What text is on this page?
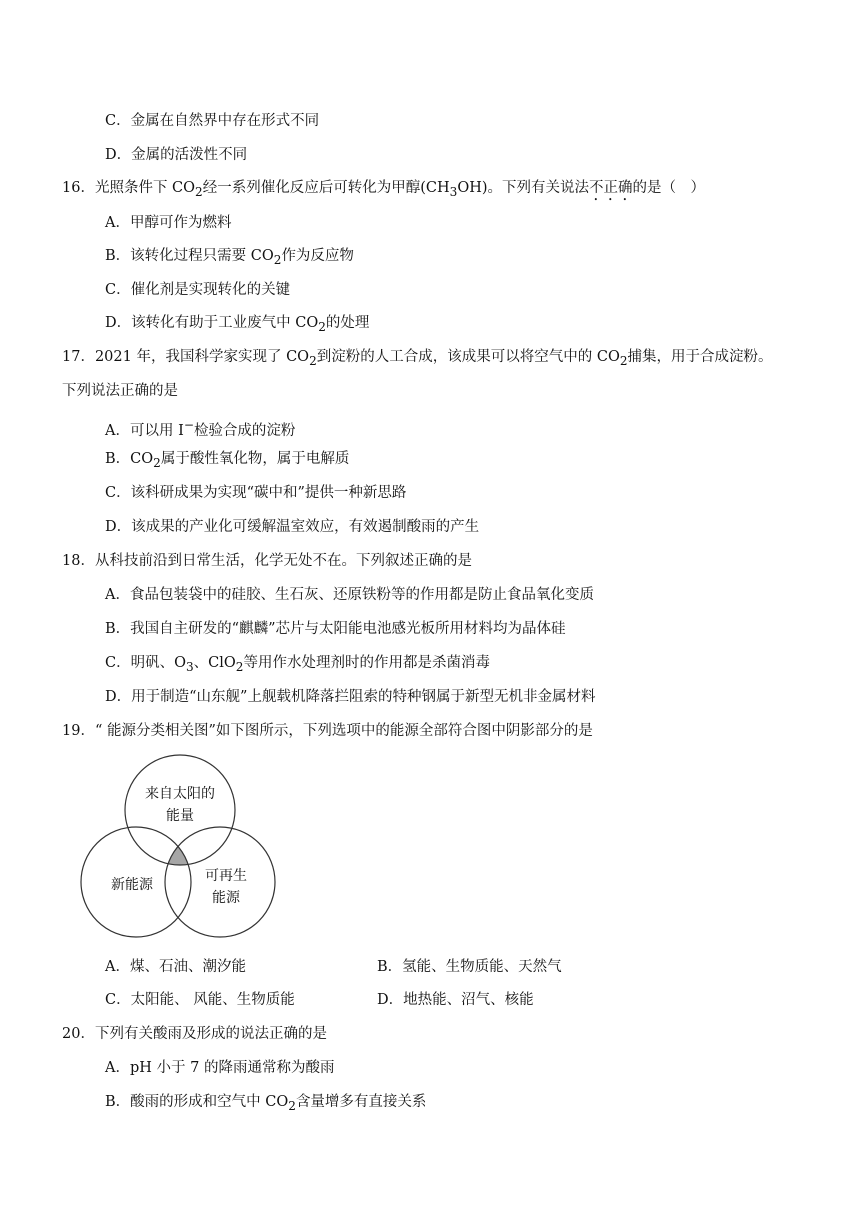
C．金属在自然界中存在形式不同
D．金属的活泼性不同
16．光照条件下 $CO_2$经一系列催化反应后可转化为甲醇$(CH_3OH)$。下列有关说法不正确的是（　）
A．甲醇可作为燃料
B．该转化过程只需要 $CO_2$作为反应物
C．催化剂是实现转化的关键
D．该转化有助于工业废气中 $CO_2$的处理
17．2021 年，我国科学家实现了 $CO_2$到淀粉的人工合成，该成果可以将空气中的 $CO_2$捕集，用于合成淀粉。
下列说法正确的是
A．可以用 I−检验合成的淀粉
B．$CO_2$属于酸性氧化物，属于电解质
C．该科研成果为实现“碳中和”提供一种新思路
D．该成果的产业化可缓解温室效应，有效遏制酸雨的产生
18．从科技前沿到日常生活，化学无处不在。下列叙述正确的是
A．食品包装袋中的硅胶、生石灰、还原铁粉等的作用都是防止食品氧化变质
B．我国自主研发的“麒麟”芯片与太阳能电池感光板所用材料均为晶体硅
C．明矾、$O_3$、ClO$_2$等用作水处理剂时的作用都是杀菌消毒
D．用于制造“山东舰”上舰载机降落拦阻索的特种钢属于新型无机非金属材料
19．“ 能源分类相关图”如下图所示，下列选项中的能源全部符合图中阴影部分的是
来自太阳的
能量
新能源
可再生
能源
A．煤、石油、潮汐能	B．氢能、生物质能、天然气
C．太阳能、 风能、生物质能	D．地热能、沼气、核能
20．下列有关酸雨及形成的说法正确的是
A．pH 小于 7 的降雨通常称为酸雨
B．酸雨的形成和空气中 $CO_2$含量增多有直接关系
